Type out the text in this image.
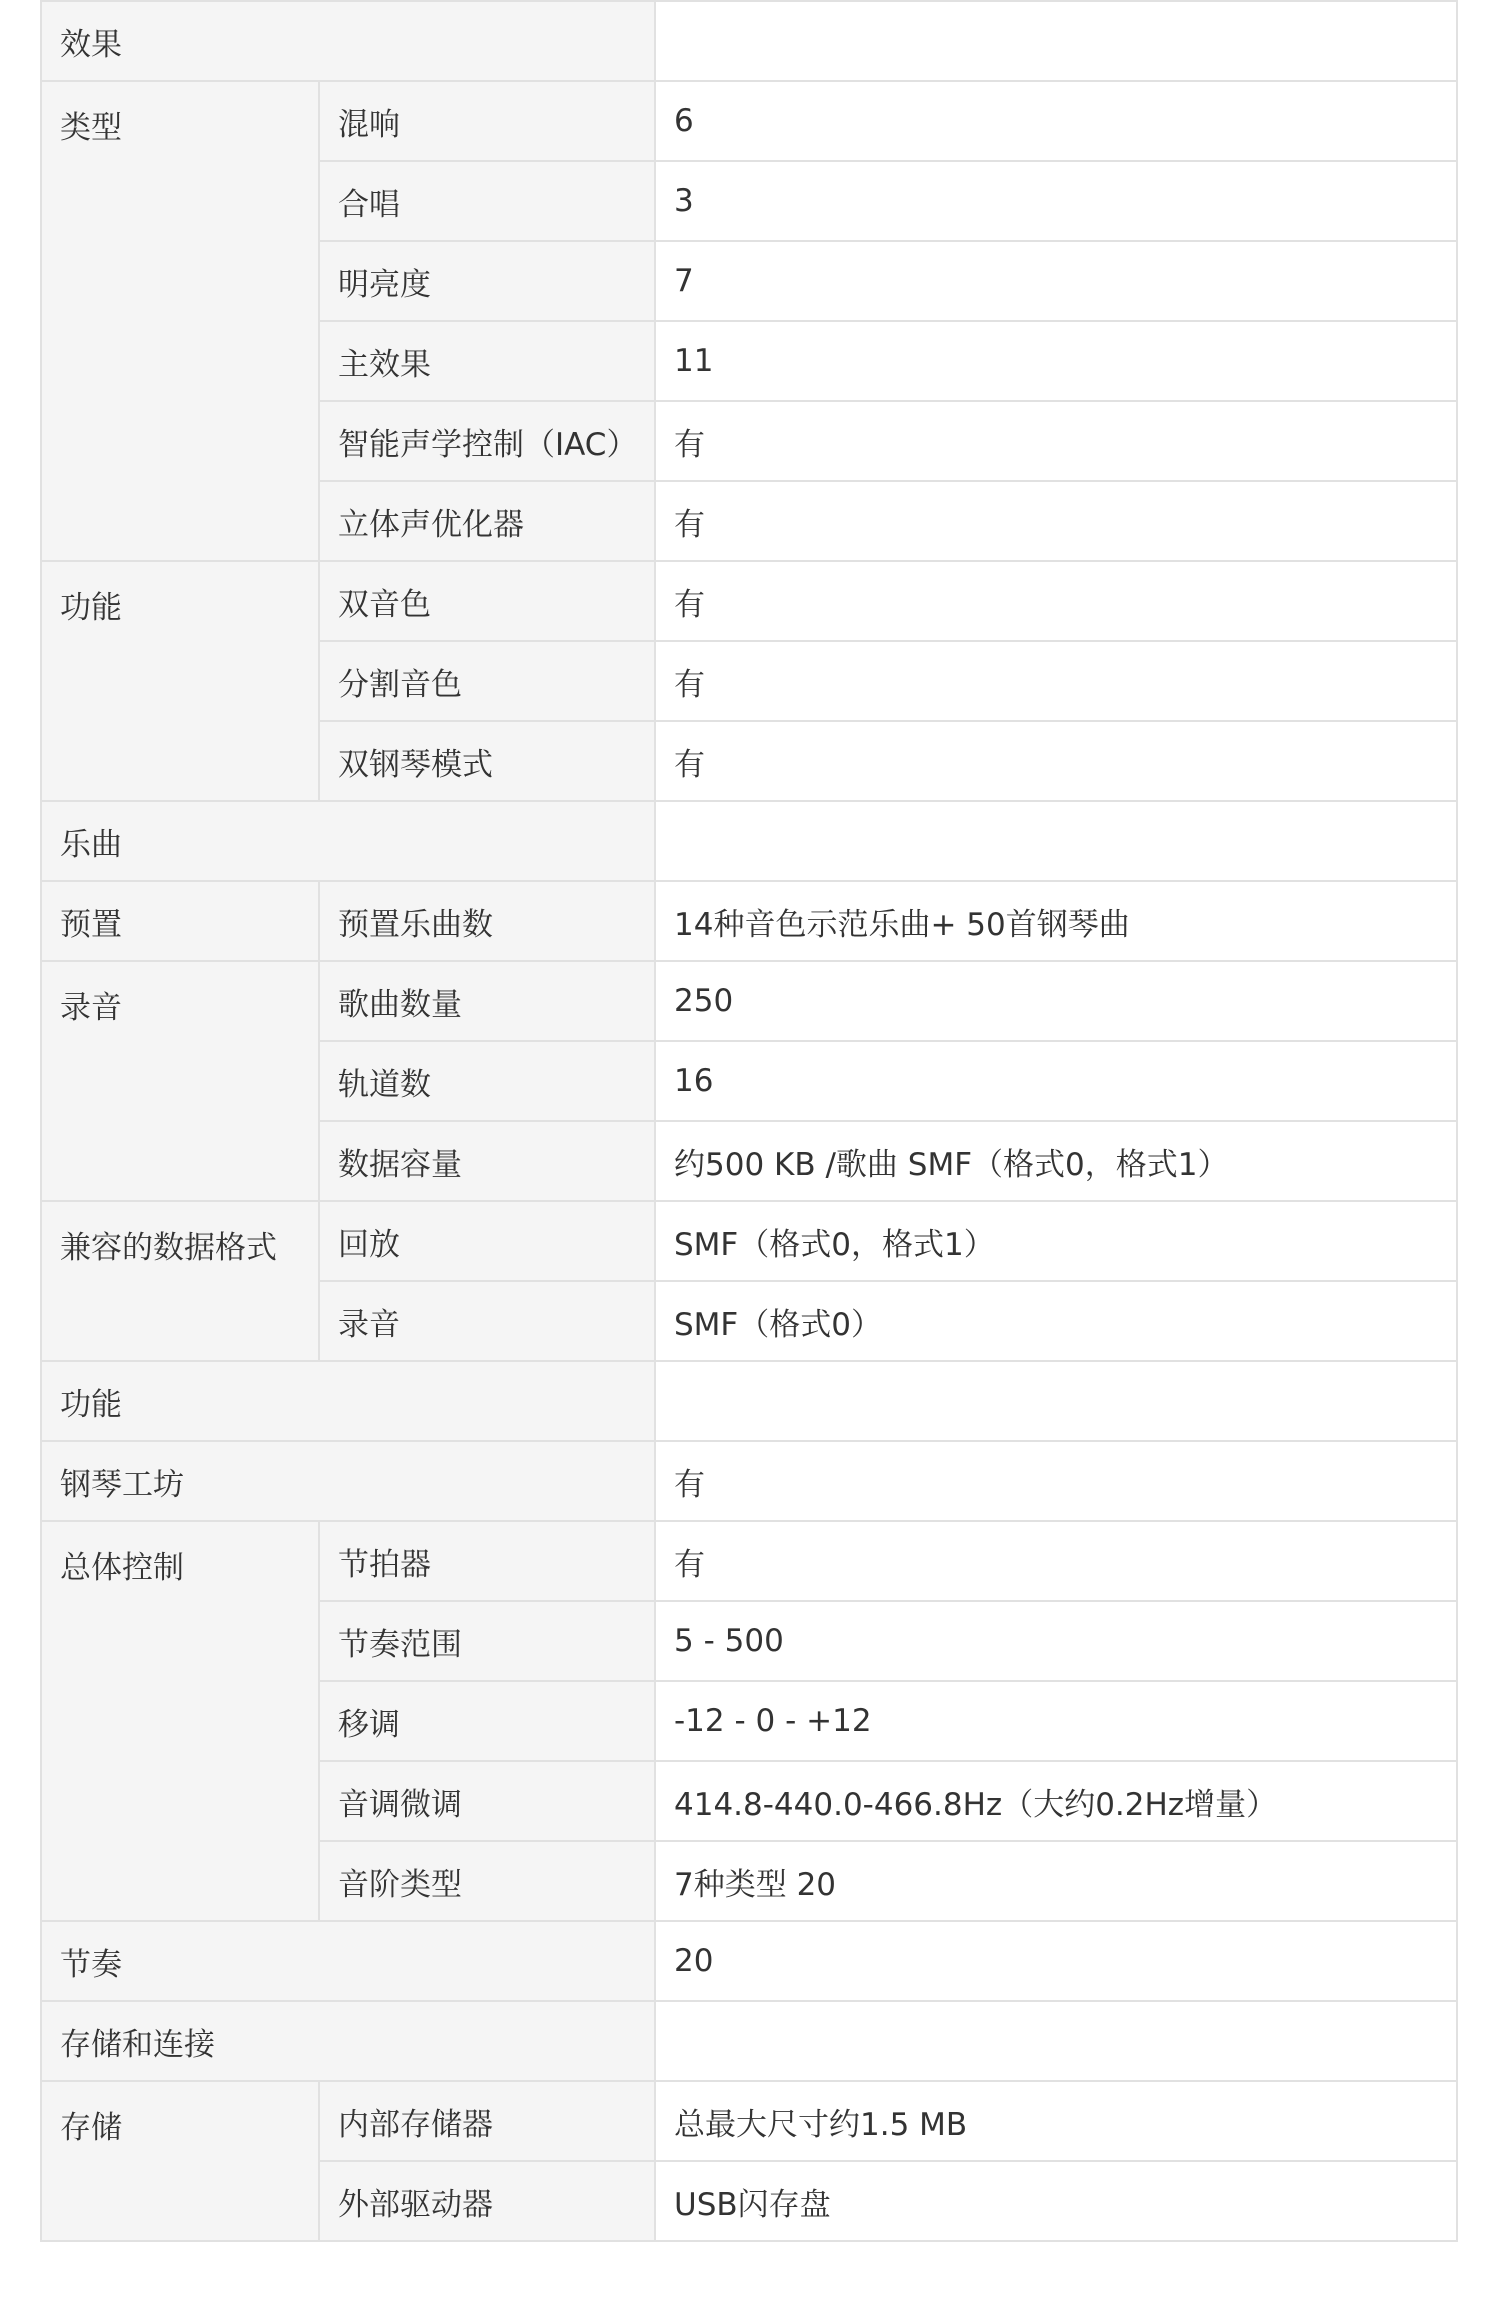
效果		
类型	混响	6
	合唱	3
	明亮度	7
	主效果	11
	智能声学控制（IAC）	有
	立体声优化器	有
功能	双音色	有
	分割音色	有
	双钢琴模式	有
乐曲		
预置	预置乐曲数	14种音色示范乐曲+ 50首钢琴曲
录音	歌曲数量	250
	轨道数	16
	数据容量	约500 KB /歌曲 SMF（格式0，格式1）
兼容的数据格式	回放	SMF（格式0，格式1）
	录音	SMF（格式0）
功能		
钢琴工坊		有
总体控制	节拍器	有
	节奏范围	5 - 500
	移调	-12 - 0 - +12
	音调微调	414.8-440.0-466.8Hz（大约0.2Hz增量）
	音阶类型	7种类型 20
节奏		20
存储和连接		
存储	内部存储器	总最大尺寸约1.5 MB
	外部驱动器	USB闪存盘
